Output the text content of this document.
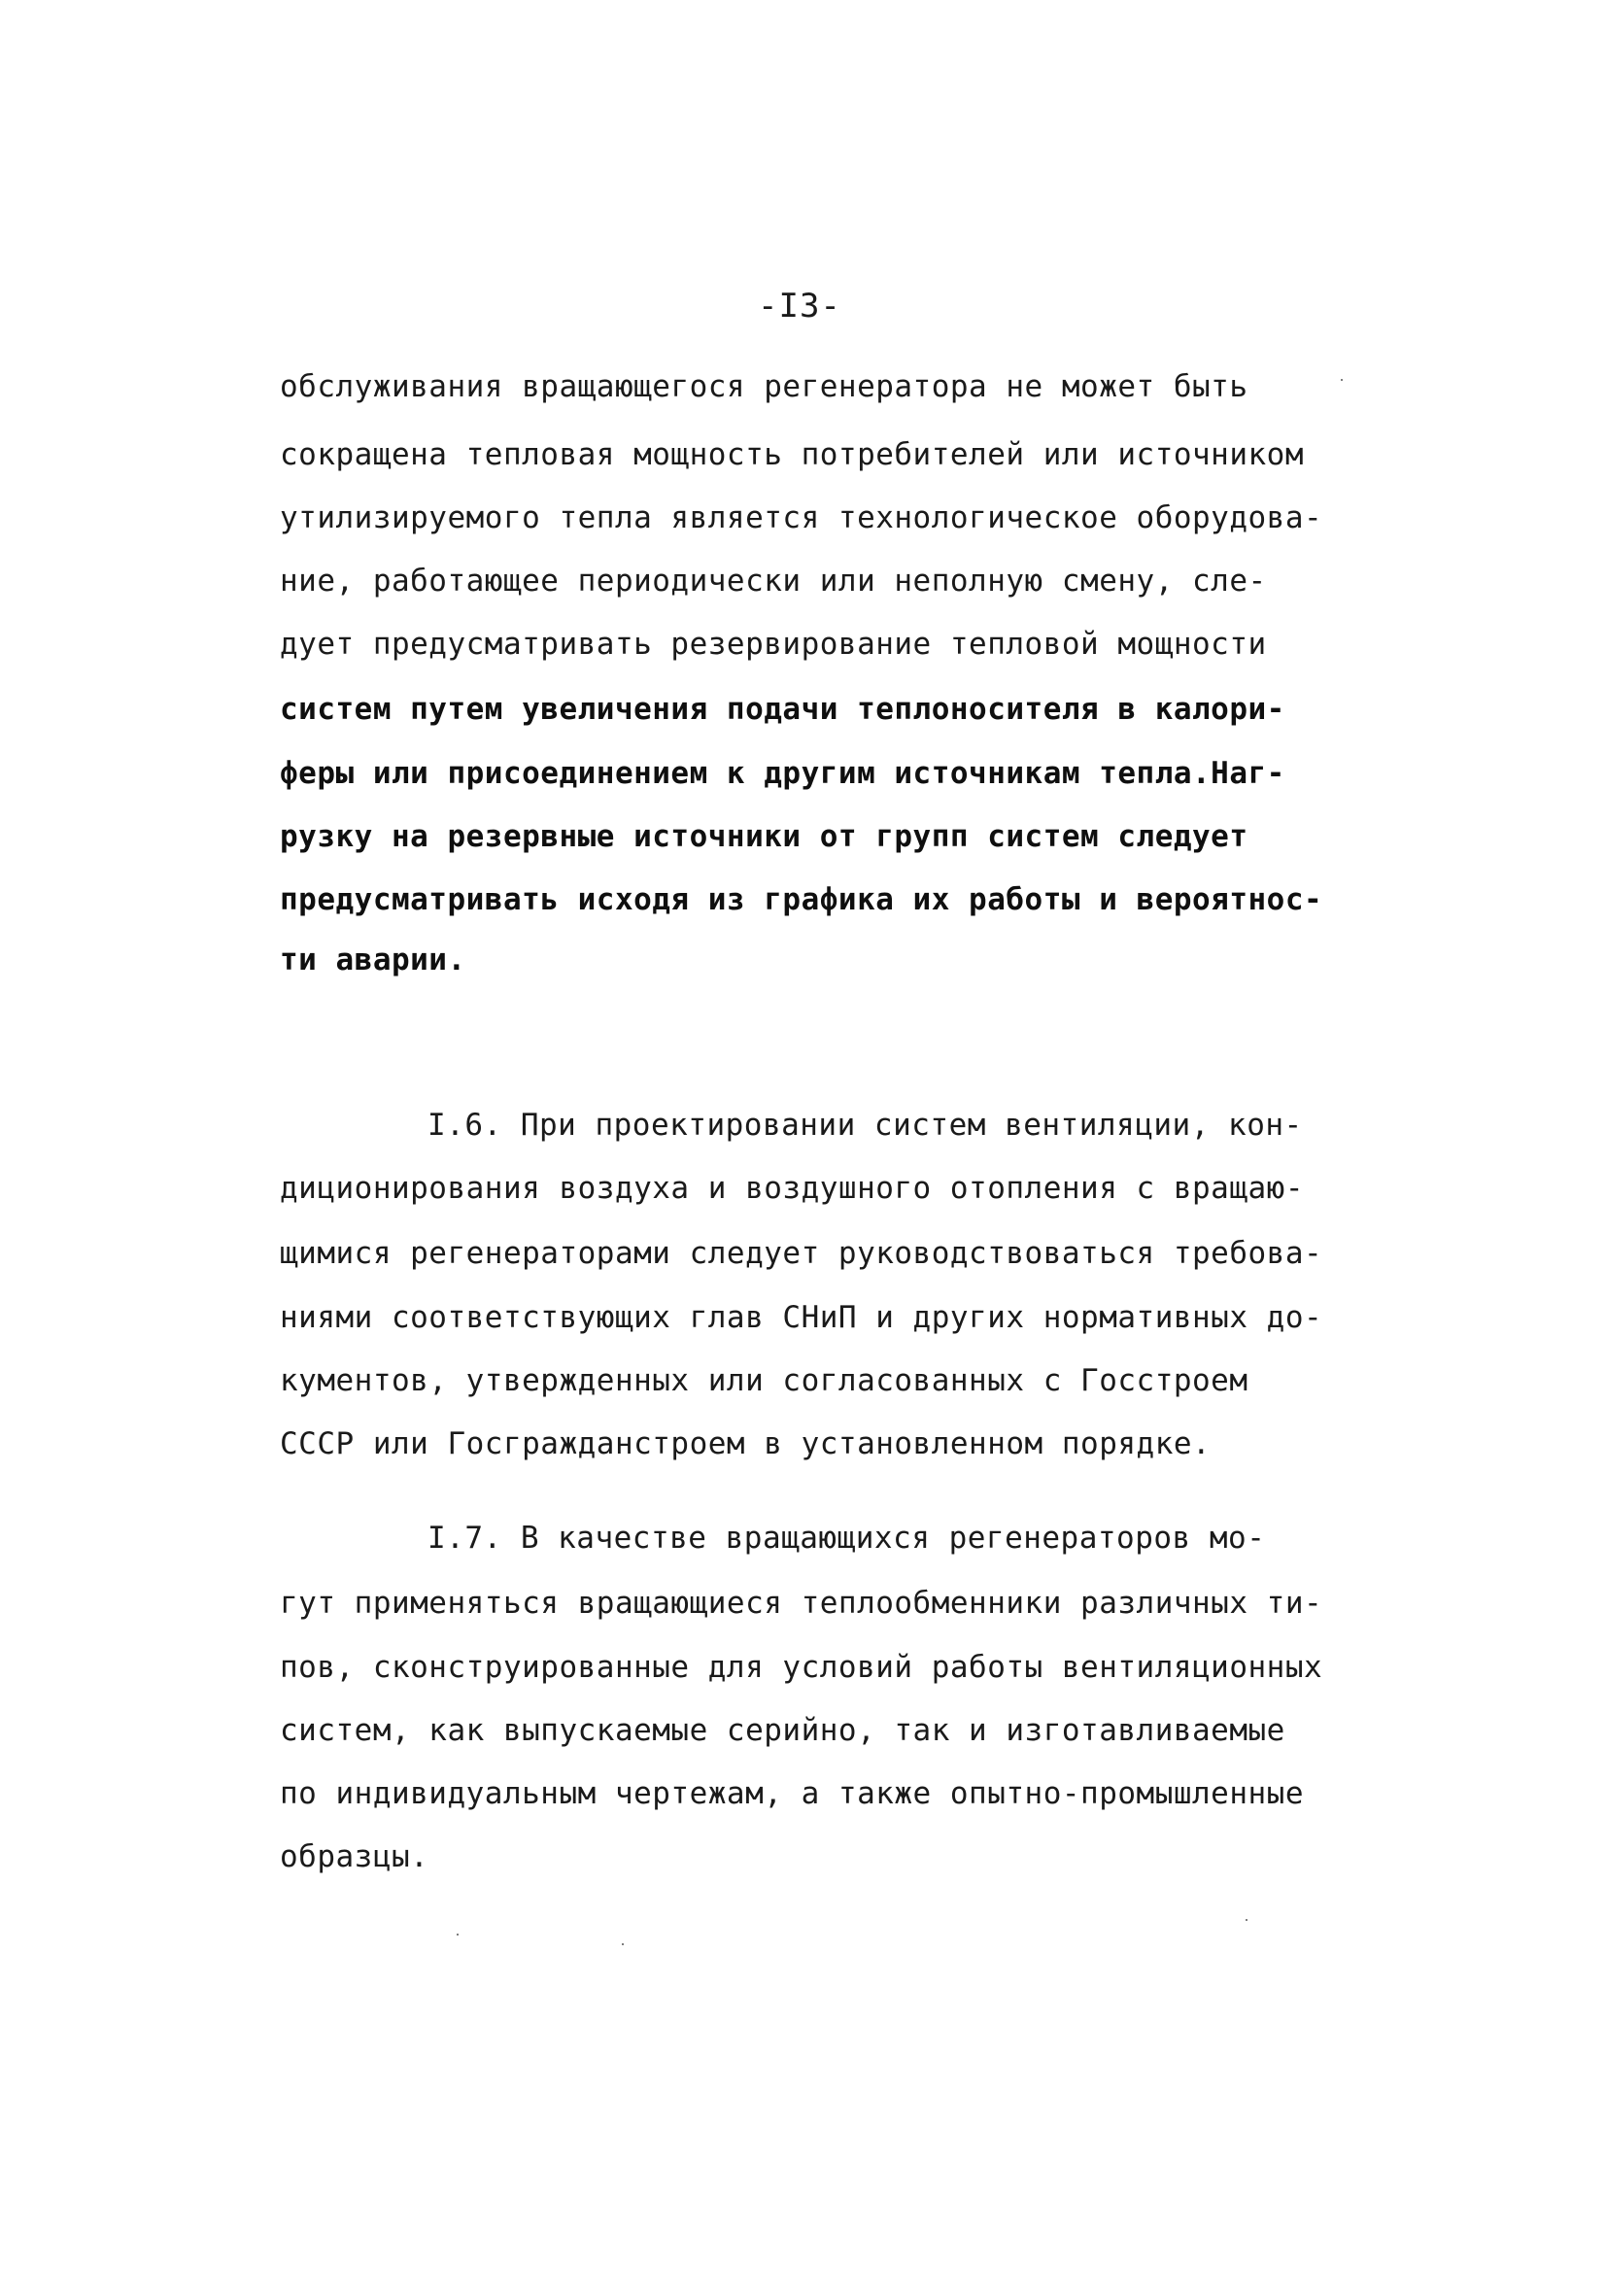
-I3-
обслуживания вращающегося регенератора не может быть
сокращена тепловая мощность потребителей или источником
утилизируемого тепла является технологическое оборудова-
ние, работающее периодически или неполную смену, сле-
дует предусматривать резервирование тепловой мощности
систем путем увеличения подачи теплоносителя в калори-
феры или присоединением к другим источникам тепла.Наг-
рузку на резервные источники от групп систем следует
предусматривать исходя из графика их работы и вероятнос-
ти аварии.
I.6. При проектировании систем вентиляции, кон-
диционирования воздуха и воздушного отопления с вращаю-
щимися регенераторами следует руководствоваться требова-
ниями соответствующих глав СНиП и других нормативных до-
кументов, утвержденных или согласованных с Госстроем
СССР или Госгражданстроем в установленном порядке.
I.7. В качестве вращающихся регенераторов мо-
гут применяться вращающиеся теплообменники различных ти-
пов, сконструированные для условий работы вентиляционных
систем, как выпускаемые серийно, так и изготавливаемые
по индивидуальным чертежам, а также опытно-промышленные
образцы.
